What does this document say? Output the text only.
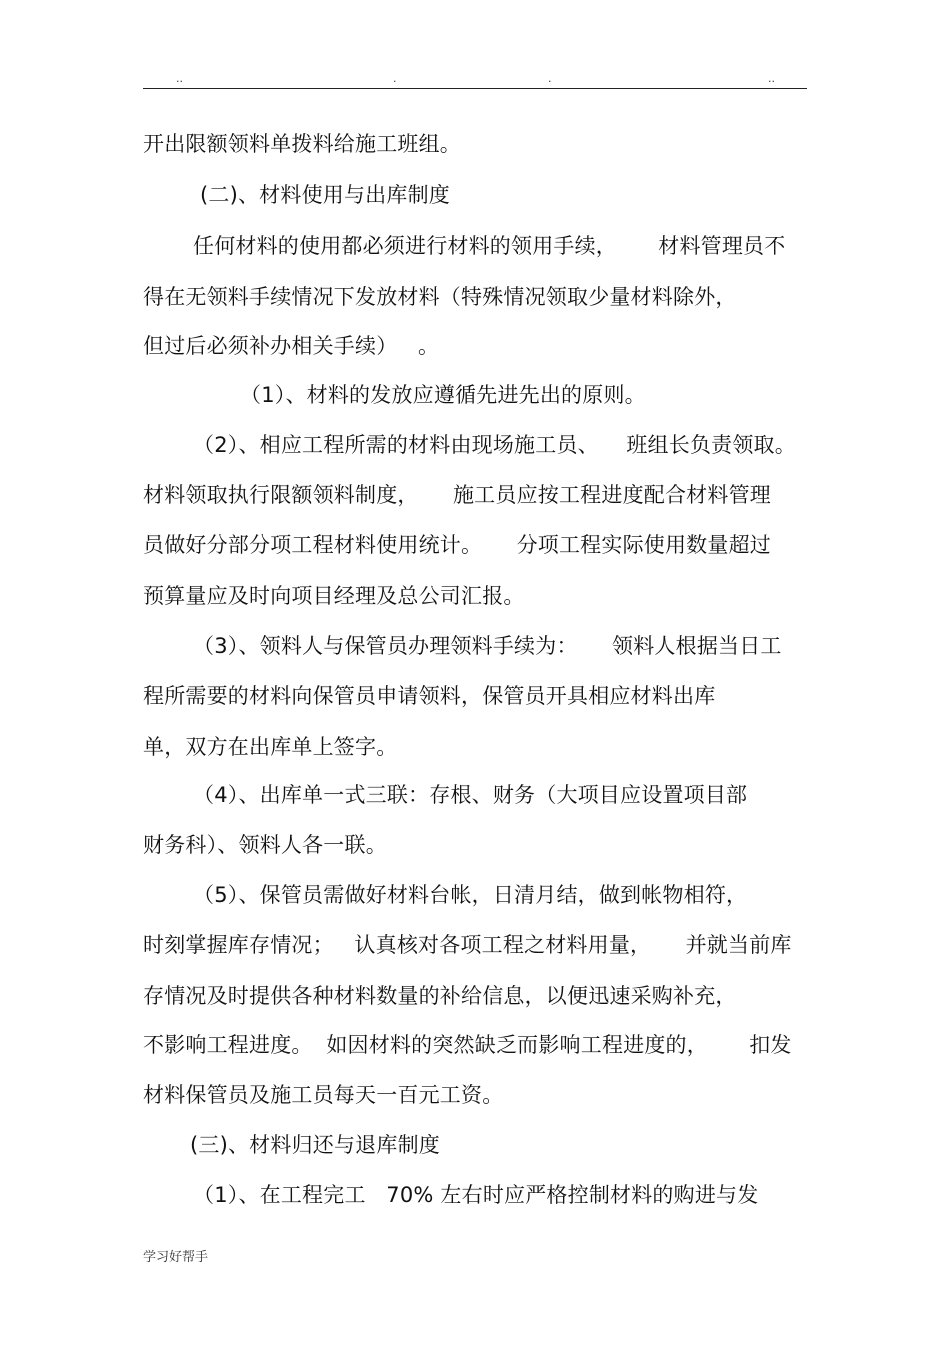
..	.	.	..
开出限额领料单拨料给施工班组。
(二)、材料使用与出库制度
任何材料的使用都必须进行材料的领用手续，      材料管理员不
得在无领料手续情况下发放材料（特殊情况领取少量材料除外，
但过后必须补办相关手续）   。
（1）、材料的发放应遵循先进先出的原则。
（2）、相应工程所需的材料由现场施工员、    班组长负责领取。
材料领取执行限额领料制度，     施工员应按工程进度配合材料管理
员做好分部分项工程材料使用统计。     分项工程实际使用数量超过
预算量应及时向项目经理及总公司汇报。
（3）、领料人与保管员办理领料手续为：     领料人根据当日工
程所需要的材料向保管员申请领料，保管员开具相应材料出库
单，双方在出库单上签字。
（4）、出库单一式三联：存根、财务（大项目应设置项目部
财务科）、领料人各一联。
（5）、保管员需做好材料台帐，日清月结，做到帐物相符，
时刻掌握库存情况；   认真核对各项工程之材料用量，     并就当前库
存情况及时提供各种材料数量的补给信息，以便迅速采购补充，
不影响工程进度。  如因材料的突然缺乏而影响工程进度的，      扣发
材料保管员及施工员每天一百元工资。
(三)、材料归还与退库制度
（1）、在工程完工   70% 左右时应严格控制材料的购进与发
学习好帮手
